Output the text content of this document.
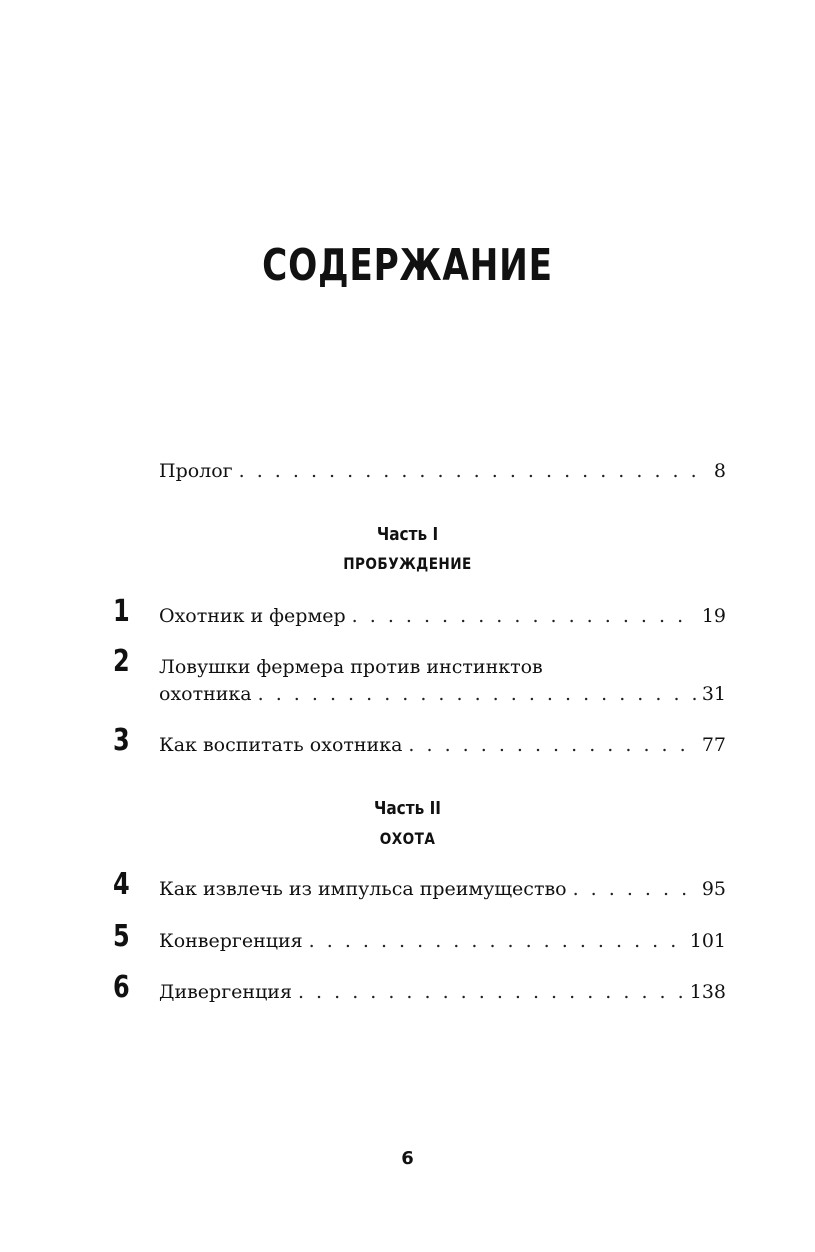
СОДЕРЖАНИЕ
Пролог . . .	8
Часть I
ПРОБУЖДЕНИЕ
1	Охотник и фермер . . .	19
2	Ловушки фермера против инстинктов
охотника . . .	31
3	Как воспитать охотника . . .	77
Часть II
ОХОТА
4	Как извлечь из импульса преимущество . . .	95
5	Конвергенция . . .	101
6	Дивергенция . . .	138
6
